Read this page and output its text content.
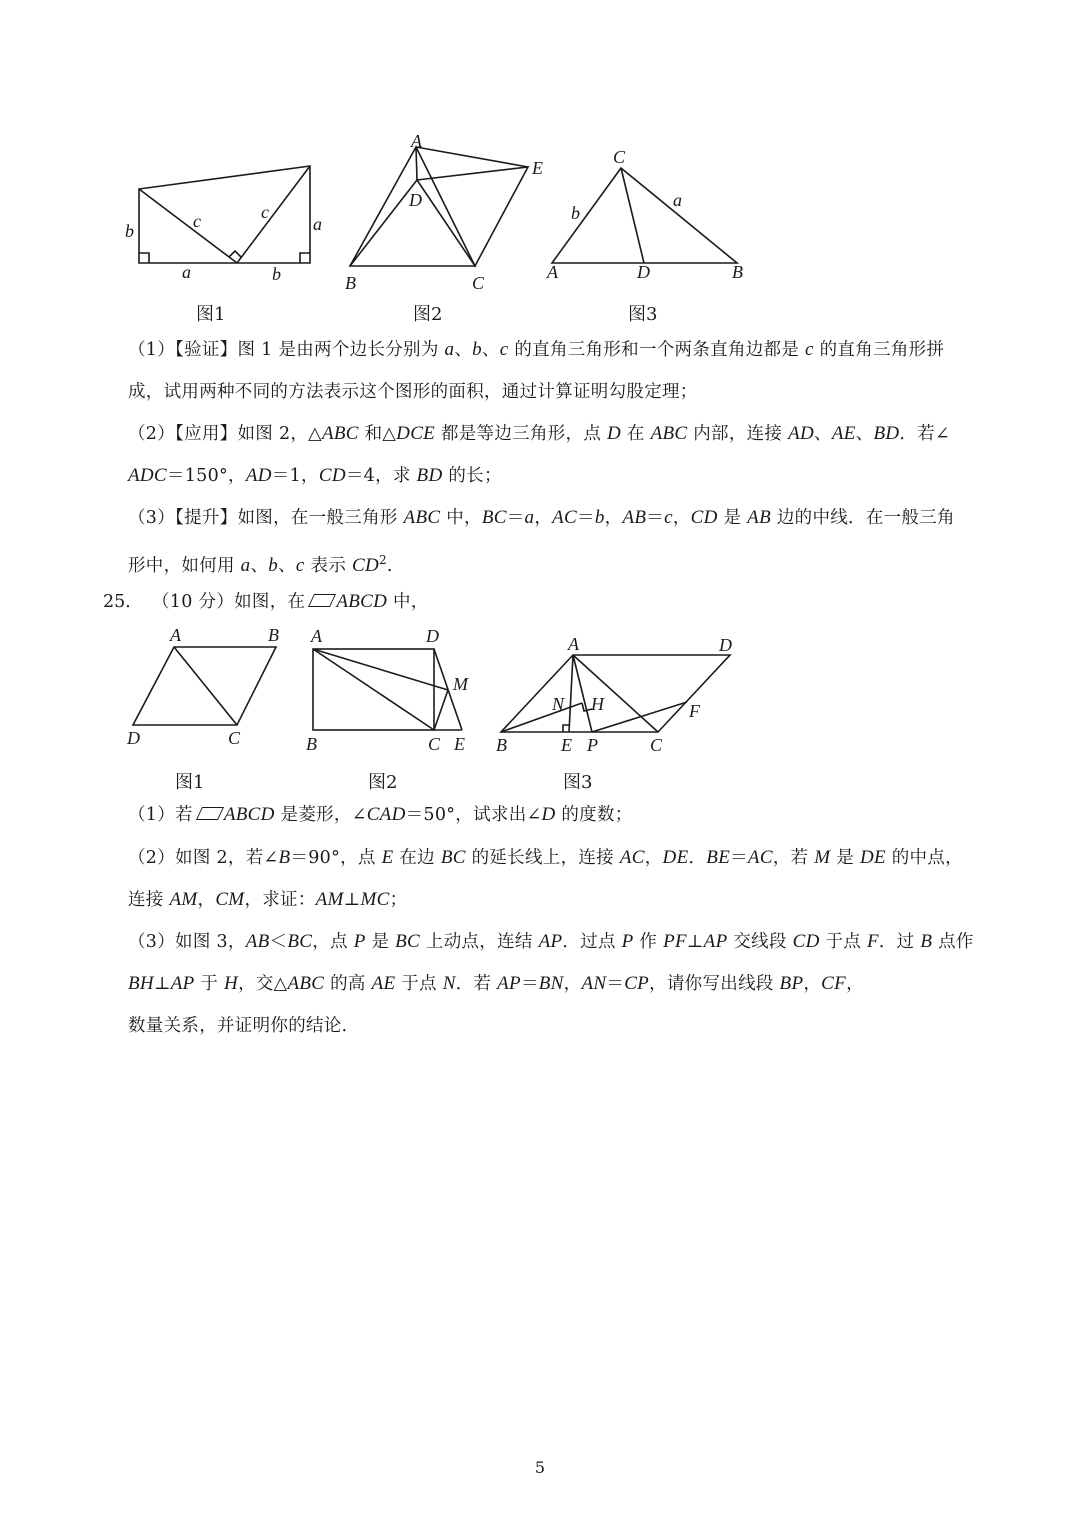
b	c	c
a
a	b
图1
A
E
D
B	C
图2
C
b
a
A	D	B
图3
（1）【验证】图 1 是由两个边长分别为 a、b、c 的直角三角形和一个两条直角边都是 c 的直角三角形拼
成，试用两种不同的方法表示这个图形的面积，通过计算证明勾股定理；
（2）【应用】如图 2，△ABC 和△DCE 都是等边三角形，点 D 在 ABC 内部，连接 AD、AE、BD．若∠
ADC＝150°，AD＝1，CD＝4，求 BD 的长；
（3）【提升】如图，在一般三角形 ABC 中，BC＝a，AC＝b，AB＝c，CD 是 AB 边的中线．在一般三角
形中，如何用 a、b、c 表示 $CD^2$.
25． （10 分）如图，在 ABCD 中，
A	B
D	C
图1
A	D
M
B	C E
图2
A	D
N H	F
B	E P	C
图3
（1）若 ABCD 是菱形，∠CAD＝50°，试求出∠D 的度数；
（2）如图 2，若∠B＝90°，点 E 在边 BC 的延长线上，连接 AC，DE．BE＝AC，若 M 是 DE 的中点，
连接 AM，CM，求证：AM⊥MC；
（3）如图 3，AB＜BC，点 P 是 BC 上动点，连结 AP．过点 P 作 PF⊥AP 交线段 CD 于点 F．过 B 点作
BH⊥AP 于 H，交△ABC 的高 AE 于点 N．若 AP＝BN，AN＝CP，请你写出线段 BP，CF，
数量关系，并证明你的结论．
5
